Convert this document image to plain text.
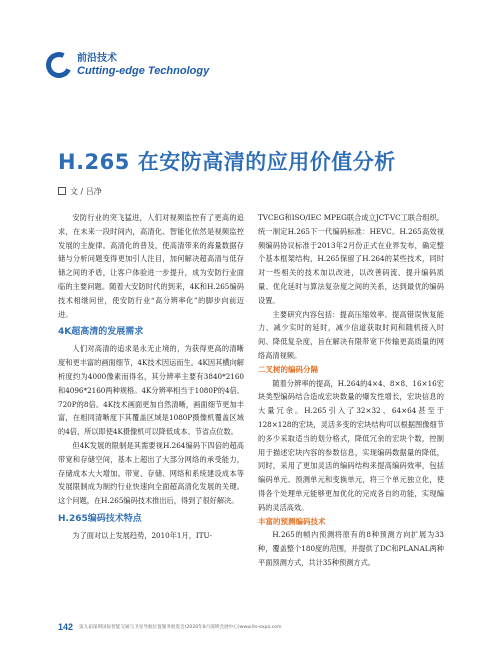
前沿技术
Cutting-edge Technology
H.265 在安防高清的应用价值分析
文 / 吕净

安防行业的突飞猛进，人们对视频监控有了更高的追求，在未来一段时间内，高清化、智能化依然是视频监控发展的主旋律。高清化的普及，使高清带来的海量数据存储与分析问题变得更加引人注目，加何解决超高清与低存储之间的矛盾，让客户体验进一步提升，成为安防行业面临的主要问题。随着大安防时代的到来，4K和H.265编码技术相继问世，使安防行业“高分辨率化”的脚步向前迈进。

4K超高清的发展需求

人们对高清的追求是永无止境的，为获得更高的清晰度和更丰富的画面细节，4K技术因运而生。4K因其横向解析度约为4000像素而得名，其分辨率主要有3840*2160和4096*2160两种规格。4K分辨率相当于1080P的4倍、720P的8倍。4K技术画面更加自然清晰，画面细节更加丰富，在相同清晰度下其覆盖区域是1080P摄像机覆盖区域的4倍，所以即使4K摄像机可以降低成本、节省点位数。

但4K发展的限制是其需要视H.264编码下四倍的超高带宽和存储空间，基本上超出了大部分网络的承受能力，存储成本大大增加。带宽、存储、网络和系统建设成本等发展限制成为制约行业快速向全面超高清化发展的关键。这个问题，在H.265编码技术推出后，得到了很好解决。

H.265编码技术特点

为了面对以上发展趋势，2010年1月，ITU-

TVCEG和ISO/IEC MPEG联合成立JCT-VC工联合组织，统一制定H.265下一代编码标准：HEVC。H.265高效视频编码协议标准于2013年2月份正式在业界发布，确定整个基本框架结构，H.265保留了H.264的某些技术，同时对一些相关的技术加以改进，以改善码流、提升编码质量、优化延时与算法复杂度之间的关系，达到最优的编码设置。

主要研究内容包括：提高压缩效率、提高错误恢复能力、减少实时的延时，减少信道获取时间和随机接入时间、降低复杂度，旨在解决有限带宽下传输更高质量的网络高清视频。

二叉树的编码分隔

随着分辨率的提高，H.264的4×4、8×8、16×16宏块类型编码结合造成宏块数量的爆发性增长，宏块信息的大量冗余。H.265引入了32×32、64×64甚至于128×128的宏块，灵活多变的宏块结构可以根据图像细节的多少采取适当的划分格式，降低冗余的宏块个数，控制用于描述宏块内容的参数信息，实现编码数据量的降低，同时，采用了更加灵活的编码结构来提高编码效率，包括编码单元、预测单元和变换单元，将三个单元独立化，使得各个处理单元能够更加优化的完成各自的功能，实现编码的灵活高效。

丰富的预测编码技术

H.265的帧内预测将原有的8种预测方向扩展为33种，覆盖整个180度的范围，并提供了DC和PLANAL两种平面预测方式，共计35种预测方式。

142 第九届深圳国际智能交通与卫星导航位置服务展览会(2020年8月深圳会展中心)www.its-expo.com
